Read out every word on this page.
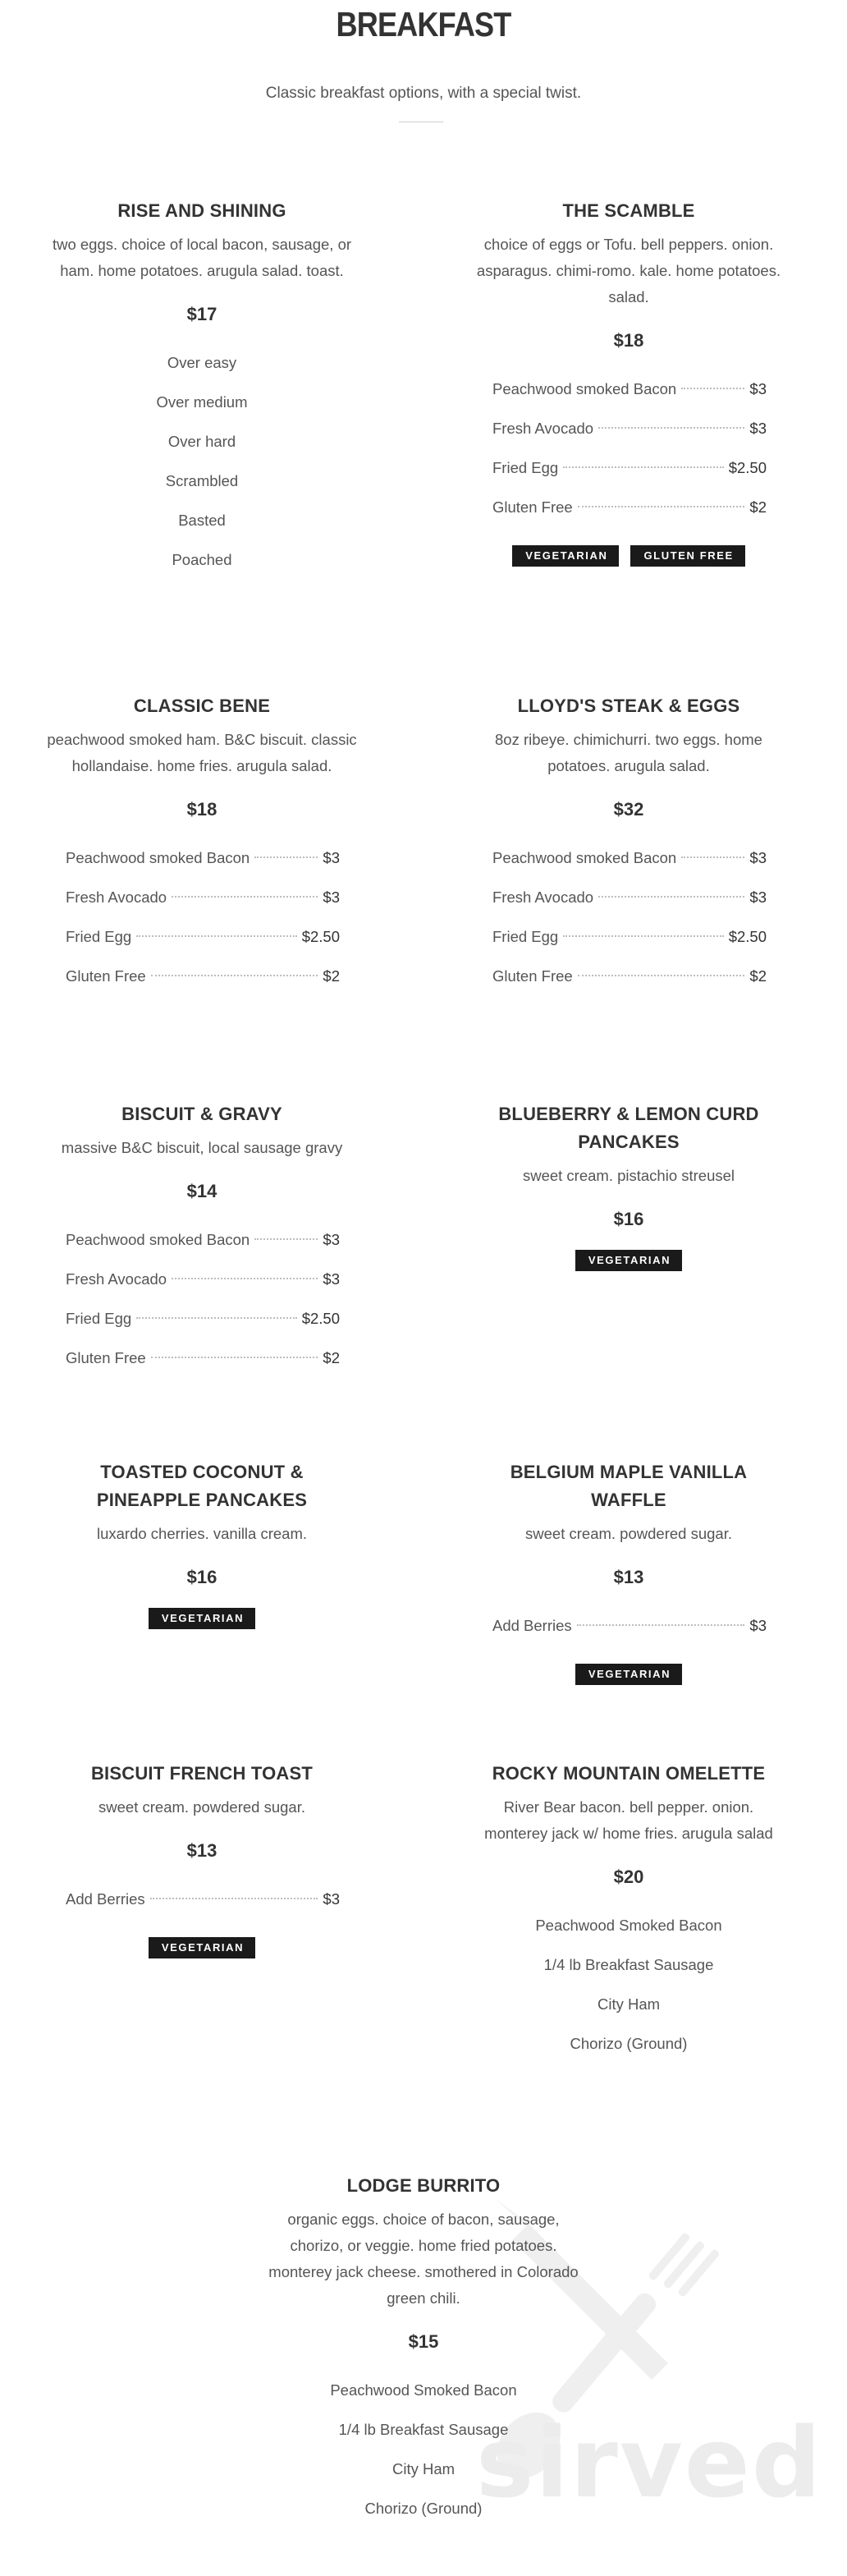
BREAKFAST
Classic breakfast options, with a special twist.
sirved
RISE AND SHINING
two eggs. choice of local bacon, sausage, or ham. home potatoes. arugula salad. toast.
$17
Over easy
Over medium
Over hard
Scrambled
Basted
Poached
THE SCAMBLE
choice of eggs or Tofu. bell peppers. onion. asparagus. chimi-romo. kale. home potatoes. salad.
$18
Peachwood smoked Bacon	$3
Fresh Avocado	$3
Fried Egg	$2.50
Gluten Free	$2
VEGETARIAN	GLUTEN FREE
CLASSIC BENE
peachwood smoked ham. B&C biscuit. classic hollandaise. home fries. arugula salad.
$18
Peachwood smoked Bacon	$3
Fresh Avocado	$3
Fried Egg	$2.50
Gluten Free	$2
LLOYD'S STEAK & EGGS
8oz ribeye. chimichurri. two eggs. home potatoes. arugula salad.
$32
Peachwood smoked Bacon	$3
Fresh Avocado	$3
Fried Egg	$2.50
Gluten Free	$2
BISCUIT & GRAVY
massive B&C biscuit, local sausage gravy
$14
Peachwood smoked Bacon	$3
Fresh Avocado	$3
Fried Egg	$2.50
Gluten Free	$2
BLUEBERRY & LEMON CURD PANCAKES
sweet cream. pistachio streusel
$16
VEGETARIAN
TOASTED COCONUT & PINEAPPLE PANCAKES
luxardo cherries. vanilla cream.
$16
VEGETARIAN
BELGIUM MAPLE VANILLA WAFFLE
sweet cream. powdered sugar.
$13
Add Berries	$3
VEGETARIAN
BISCUIT FRENCH TOAST
sweet cream. powdered sugar.
$13
Add Berries	$3
VEGETARIAN
ROCKY MOUNTAIN OMELETTE
River Bear bacon. bell pepper. onion. monterey jack w/ home fries. arugula salad
$20
Peachwood Smoked Bacon
1/4 lb Breakfast Sausage
City Ham
Chorizo (Ground)
LODGE BURRITO
organic eggs. choice of bacon, sausage, chorizo, or veggie. home fried potatoes. monterey jack cheese. smothered in Colorado green chili.
$15
Peachwood Smoked Bacon
1/4 lb Breakfast Sausage
City Ham
Chorizo (Ground)
